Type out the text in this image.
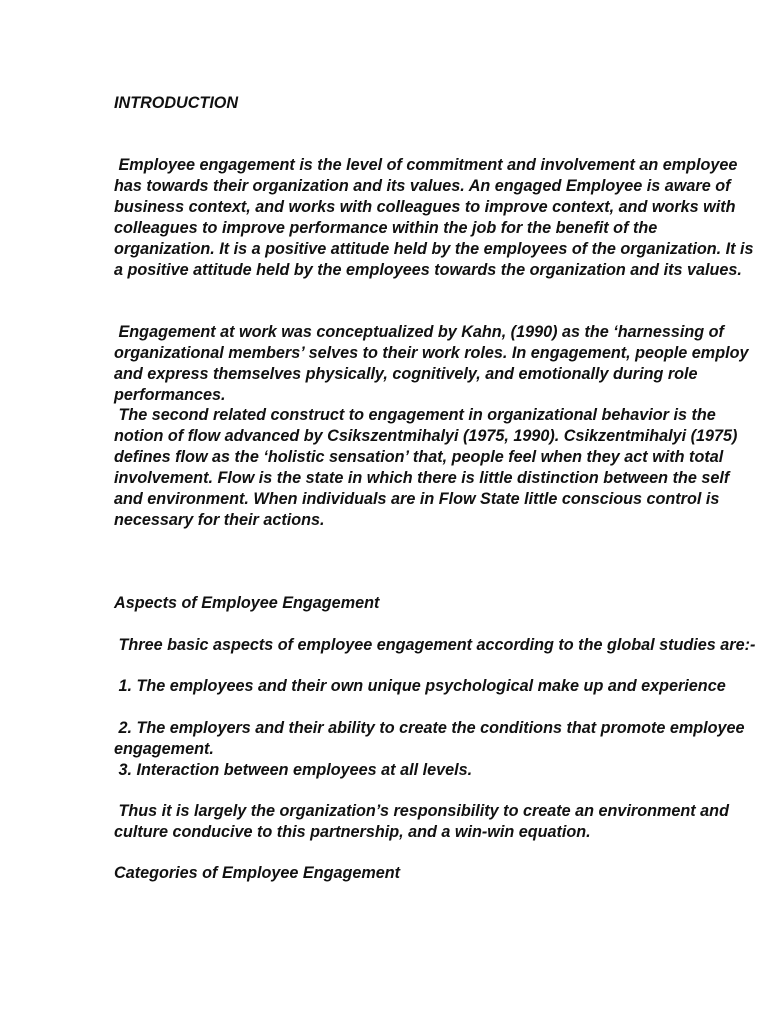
INTRODUCTION

Employee engagement is the level of commitment and involvement an employee has towards their organization and its values. An engaged Employee is aware of business context, and works with colleagues to improve context, and works with colleagues to improve performance within the job for the benefit of the organization. It is a positive attitude held by the employees of the organization. It is a positive attitude held by the employees towards the organization and its values.

Engagement at work was conceptualized by Kahn, (1990) as the ‘harnessing of organizational members’ selves to their work roles. In engagement, people employ and express themselves physically, cognitively, and emotionally during role performances.

The second related construct to engagement in organizational behavior is the notion of flow advanced by Csikszentmihalyi (1975, 1990). Csikzentmihalyi (1975) defines flow as the ‘holistic sensation’ that, people feel when they act with total involvement. Flow is the state in which there is little distinction between the self and environment. When individuals are in Flow State little conscious control is necessary for their actions.

Aspects of Employee Engagement

Three basic aspects of employee engagement according to the global studies are:-

1. The employees and their own unique psychological make up and experience

2. The employers and their ability to create the conditions that promote employee engagement.

3. Interaction between employees at all levels.

Thus it is largely the organization’s responsibility to create an environment and culture conducive to this partnership, and a win-win equation.

Categories of Employee Engagement
